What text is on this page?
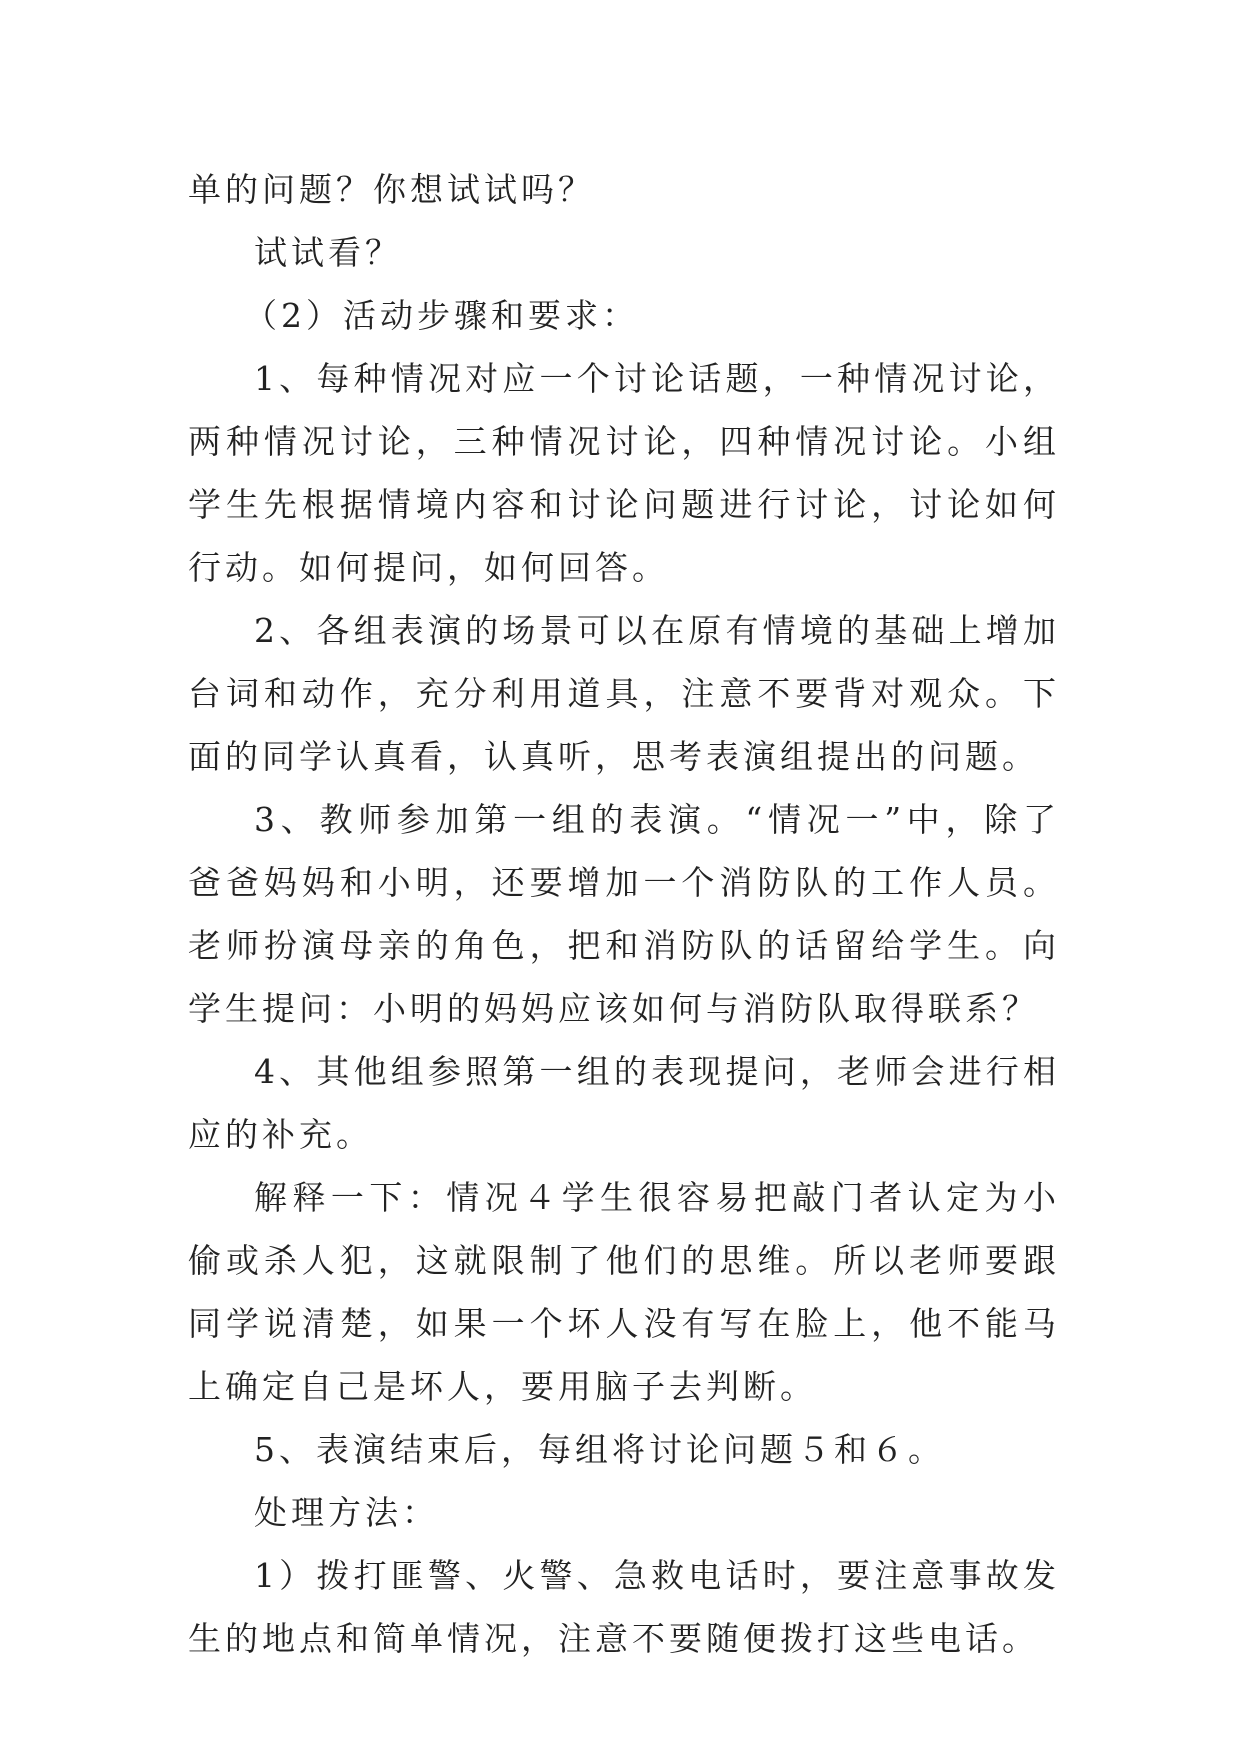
单的问题？你想试试吗？

试试看？

（2）活动步骤和要求：

1、每种情况对应一个讨论话题，一种情况讨论，两种情况讨论，三种情况讨论，四种情况讨论。小组学生先根据情境内容和讨论问题进行讨论，讨论如何行动。如何提问，如何回答。

2、各组表演的场景可以在原有情境的基础上增加台词和动作，充分利用道具，注意不要背对观众。下面的同学认真看，认真听，思考表演组提出的问题。

3、教师参加第一组的表演。“情况一”中，除了爸爸妈妈和小明，还要增加一个消防队的工作人员。老师扮演母亲的角色，把和消防队的话留给学生。向学生提问：小明的妈妈应该如何与消防队取得联系？

4、其他组参照第一组的表现提问，老师会进行相应的补充。

解释一下：情况４学生很容易把敲门者认定为小偷或杀人犯，这就限制了他们的思维。所以老师要跟同学说清楚，如果一个坏人没有写在脸上，他不能马上确定自己是坏人，要用脑子去判断。

5、表演结束后，每组将讨论问题５和６。

处理方法：

1）拨打匪警、火警、急救电话时，要注意事故发生的地点和简单情况，注意不要随便拨打这些电话。
